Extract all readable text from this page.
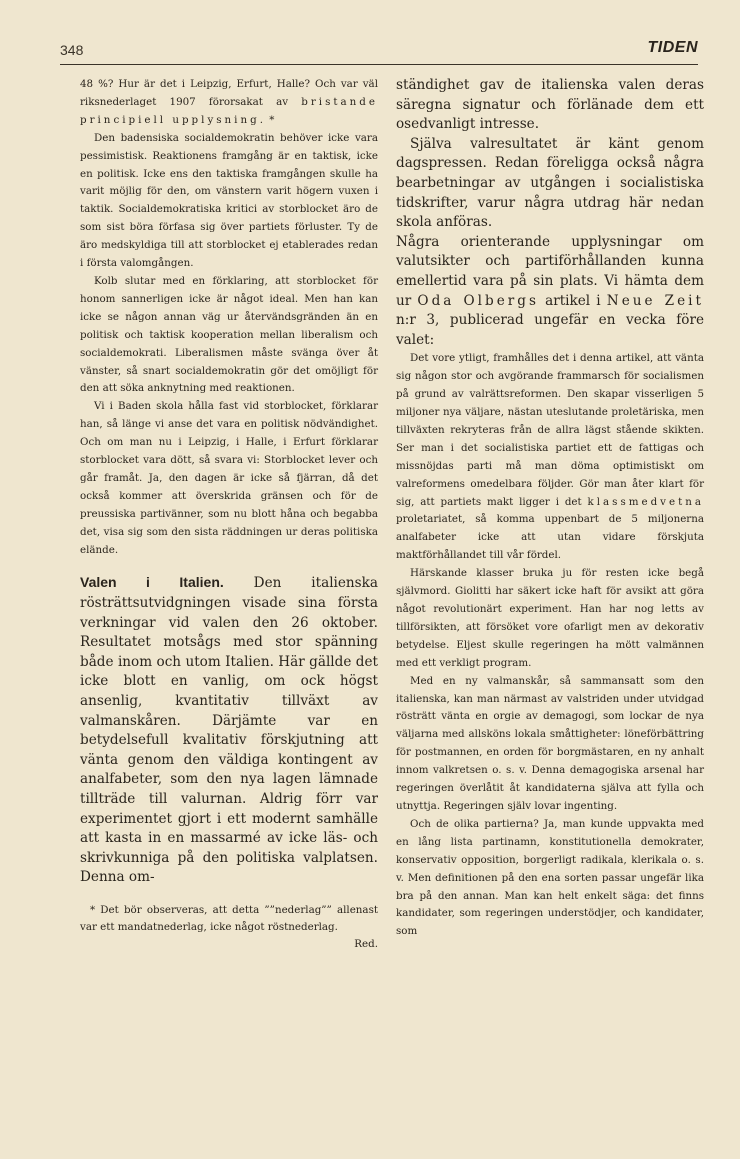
348	TIDEN

48 %? Hur är det i Leipzig, Erfurt, Halle? Och var väl riksnederlaget 1907 förorsakat av bristande principiell upplysning. *

Den badensiska socialdemokratin behöver icke vara pessimistisk. Reaktionens framgång är en taktisk, icke en politisk. Icke ens den taktiska framgången skulle ha varit möjlig för den, om vänstern varit högern vuxen i taktik. Socialdemokratiska kritici av storblocket äro de som sist böra förfasa sig över partiets förluster. Ty de äro medskyldiga till att storblocket ej etablerades redan i första valomgången.

Kolb slutar med en förklaring, att storblocket för honom sannerligen icke är något ideal. Men han kan icke se någon annan väg ur återvändsgränden än en politisk och taktisk kooperation mellan liberalism och socialdemokrati. Liberalismen måste svänga över åt vänster, så snart socialdemokratin gör det omöjligt för den att söka anknytning med reaktionen.

Vi i Baden skola hålla fast vid storblocket, förklarar han, så länge vi anse det vara en politisk nödvändighet. Och om man nu i Leipzig, i Halle, i Erfurt förklarar storblocket vara dött, så svara vi: Storblocket lever och går framåt. Ja, den dagen är icke så fjärran, då det också kommer att överskrida gränsen och för de preussiska partivänner, som nu blott håna och begabba det, visa sig som den sista räddningen ur deras politiska elände.

Valen i Italien. Den italienska rösträttsutvidgningen visade sina första verkningar vid valen den 26 oktober. Resultatet motsågs med stor spänning både inom och utom Italien. Här gällde det icke blott en vanlig, om ock högst ansenlig, kvantitativ tillväxt av valmanskåren. Därjämte var en betydelsefull kvalitativ förskjutning att vänta genom den väldiga kontingent av analfabeter, som den nya lagen lämnade tillträde till valurnan. Aldrig förr var experimentet gjort i ett modernt samhälle att kasta in en massarmé av icke läs- och skrivkunniga på den politiska valplatsen. Denna om-

* Det bör observeras, att detta ””nederlag”” allenast var ett mandatnederlag, icke något röstnederlag.
Red.

ständighet gav de italienska valen deras säregna signatur och förlänade dem ett osedvanligt intresse.

Själva valresultatet är känt genom dagspressen. Redan föreligga också några bearbetningar av utgången i socialistiska tidskrifter, varur några utdrag här nedan skola anföras.

Några orienterande upplysningar om valutsikter och partiförhållanden kunna emellertid vara på sin plats. Vi hämta dem ur Oda Olbergs artikel i Neue Zeit n:r 3, publicerad ungefär en vecka före valet:

Det vore ytligt, framhålles det i denna artikel, att vänta sig någon stor och avgörande frammarsch för socialismen på grund av valrättsreformen. Den skapar visserligen 5 miljoner nya väljare, nästan uteslutande proletäriska, men tillväxten rekryteras från de allra lägst stående skikten. Ser man i det socialistiska partiet ett de fattigas och missnöjdas parti må man döma optimistiskt om valreformens omedelbara följder. Gör man åter klart för sig, att partiets makt ligger i det klassmedvetna proletariatet, så komma uppenbart de 5 miljonerna analfabeter icke att utan vidare förskjuta maktförhållandet till vår fördel.

Härskande klasser bruka ju för resten icke begå självmord. Giolitti har säkert icke haft för avsikt att göra något revolutionärt experiment. Han har nog letts av tillförsikten, att försöket vore ofarligt men av dekorativ betydelse. Eljest skulle regeringen ha mött valmännen med ett verkligt program.

Med en ny valmanskår, så sammansatt som den italienska, kan man närmast av valstriden under utvidgad rösträtt vänta en orgie av demagogi, som lockar de nya väljarna med allsköns lokala småttigheter: löneförbättring för postmannen, en orden för borgmästaren, en ny anhalt innom valkretsen o. s. v. Denna demagogiska arsenal har regeringen överlåtit åt kandidaterna själva att fylla och utnyttja. Regeringen själv lovar ingenting.

Och de olika partierna? Ja, man kunde uppvakta med en lång lista partinamn, konstitutionella demokrater, konservativ opposition, borgerligt radikala, klerikala o. s. v. Men definitionen på den ena sorten passar ungefär lika bra på den annan. Man kan helt enkelt säga: det finns kandidater, som regeringen understödjer, och kandidater, som
